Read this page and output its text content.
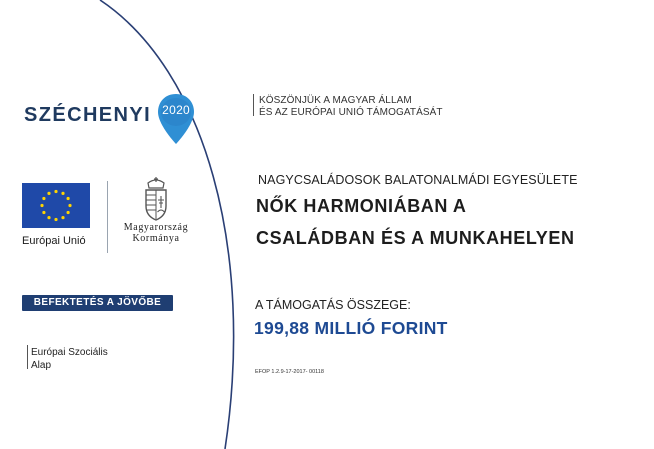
SZÉCHENYI 2020
Európai Unió
Magyarország
Kormánya
BEFEKTETÉS A JÖVŐBE
Európai Szociális
Alap
KÖSZÖNJÜK A MAGYAR ÁLLAM
ÉS AZ EURÓPAI UNIÓ TÁMOGATÁSÁT
NAGYCSALÁDOSOK BALATONALMÁDI EGYESÜLETE
NŐK HARMONIÁBAN A
CSALÁDBAN ÉS A MUNKAHELYEN
A TÁMOGATÁS ÖSSZEGE:
199,88 MILLIÓ FORINT
EFOP 1.2.9-17-2017- 00118
